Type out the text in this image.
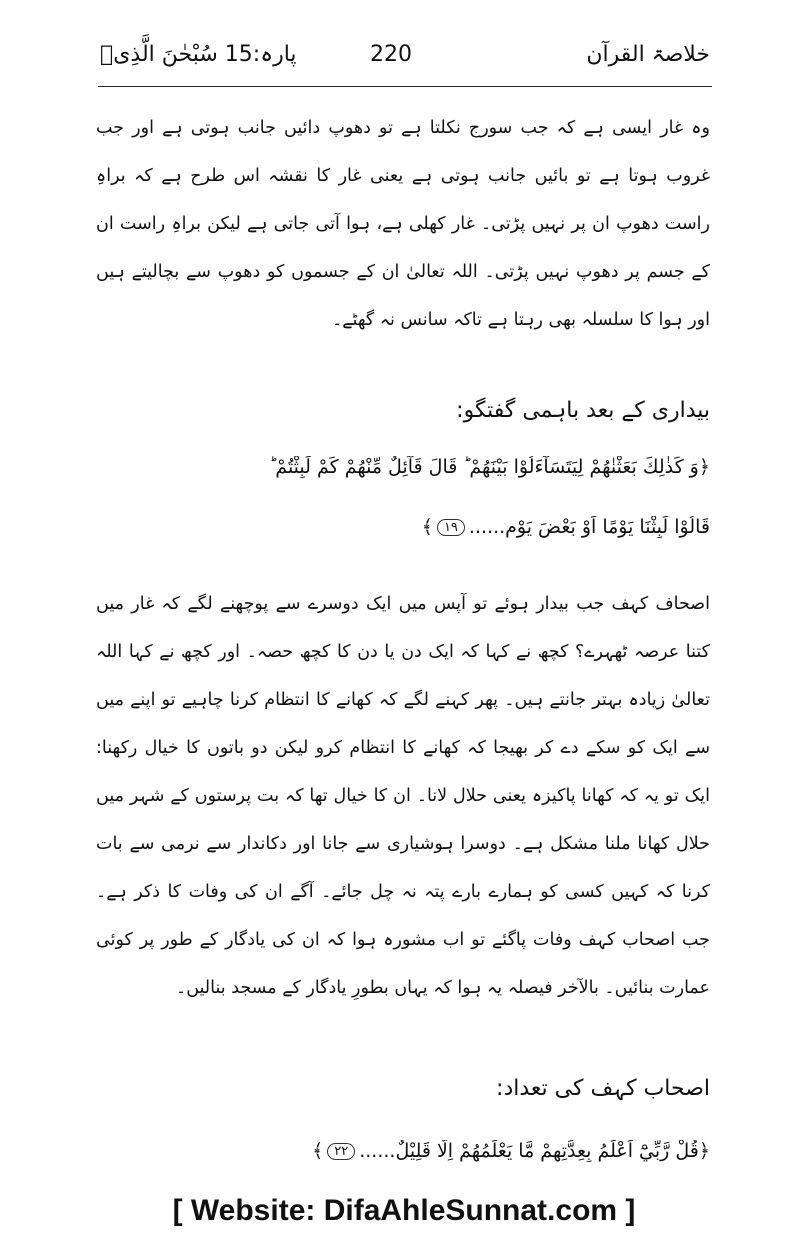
خلاصۃ القرآن
220
پارہ:15 سُبْحٰنَ الَّذِیۡ

وہ غار ایسی ہے کہ جب سورج نکلتا ہے تو دھوپ دائیں جانب ہوتی ہے اور جب غروب ہوتا ہے تو بائیں جانب ہوتی ہے یعنی غار کا نقشہ اس طرح ہے کہ براہِ راست دھوپ ان پر نہیں پڑتی۔ غار کھلی ہے، ہوا آتی جاتی ہے لیکن براہِ راست ان کے جسم پر دھوپ نہیں پڑتی۔ اللہ تعالیٰ ان کے جسموں کو دھوپ سے بچالیتے ہیں اور ہوا کا سلسلہ بھی رہتا ہے تاکہ سانس نہ گھٹے۔

بیداری کے بعد باہمی گفتگو:
﴿وَ كَذٰلِكَ بَعَثْنٰهُمْ لِيَتَسَآءَلُوْا بَيْنَهُمْ ؕ قَالَ قَآئِلٌ مِّنْهُمْ كَمْ لَبِثْتُمْ ؕ
قَالُوْا لَبِثْنَا يَوْمًا اَوْ بَعْضَ يَوْمٍ......۱۹﴾

اصحاف کہف جب بیدار ہوئے تو آپس میں ایک دوسرے سے پوچھنے لگے کہ غار میں کتنا عرصہ ٹھہرے؟ کچھ نے کہا کہ ایک دن یا دن کا کچھ حصہ۔ اور کچھ نے کہا اللہ تعالیٰ زیادہ بہتر جانتے ہیں۔ پھر کہنے لگے کہ کھانے کا انتظام کرنا چاہیے تو اپنے میں سے ایک کو سکے دے کر بھیجا کہ کھانے کا انتظام کرو لیکن دو باتوں کا خیال رکھنا: ایک تو یہ کہ کھانا پاکیزہ یعنی حلال لانا۔ ان کا خیال تھا کہ بت پرستوں کے شہر میں حلال کھانا ملنا مشکل ہے۔ دوسرا ہوشیاری سے جانا اور دکاندار سے نرمی سے بات کرنا کہ کہیں کسی کو ہمارے بارے پتہ نہ چل جائے۔ آگے ان کی وفات کا ذکر ہے۔ جب اصحاب کہف وفات پاگئے تو اب مشورہ ہوا کہ ان کی یادگار کے طور پر کوئی عمارت بنائیں۔ بالآخر فیصلہ یہ ہوا کہ یہاں بطورِ یادگار کے مسجد بنالیں۔

اصحاب کہف کی تعداد:
﴿قُلْ رَّبِّيْٓ اَعْلَمُ بِعِدَّتِهِمْ مَّا يَعْلَمُهُمْ اِلَّا قَلِيْلٌ......۲۲﴾
[ Website: DifaAhleSunnat.com ]
